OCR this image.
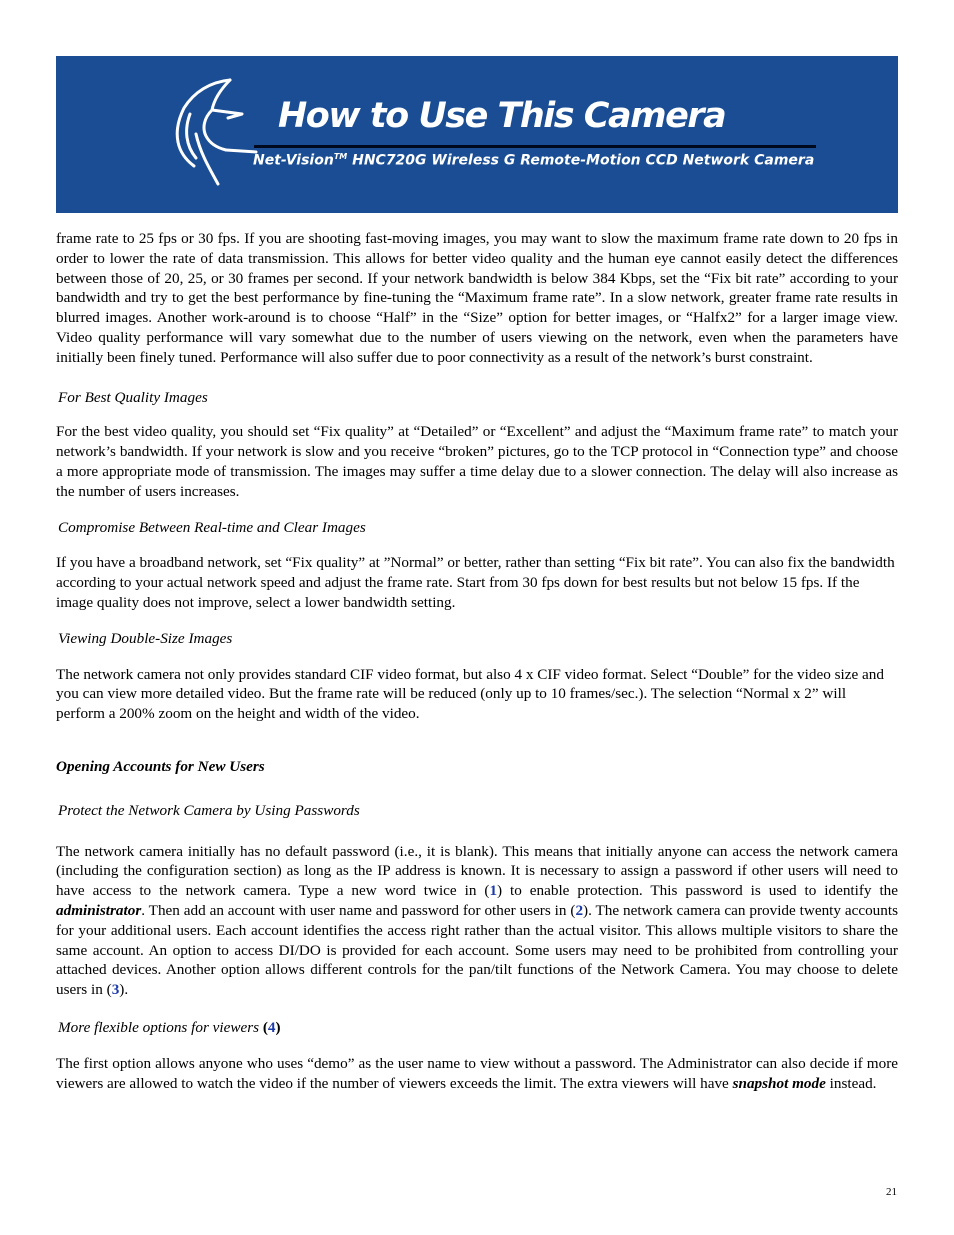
How to Use This Camera
Net-Vision™ HNC720G Wireless G Remote-Motion CCD Network Camera

frame rate to 25 fps or 30 fps. If you are shooting fast-moving images, you may want to slow the maximum frame rate down to 20 fps in order to lower the rate of data transmission. This allows for better video quality and the human eye cannot easily detect the differences between those of 20, 25, or 30 frames per second. If your network bandwidth is below 384 Kbps, set the “Fix bit rate” according to your bandwidth and try to get the best performance by fine-tuning the “Maximum frame rate”. In a slow network, greater frame rate results in blurred images. Another work-around is to choose “Half” in the “Size” option for better images, or “Halfx2” for a larger image view. Video quality performance will vary somewhat due to the number of users viewing on the network, even when the parameters have initially been finely tuned. Performance will also suffer due to poor connectivity as a result of the network’s burst constraint.

For Best Quality Images

For the best video quality, you should set “Fix quality” at “Detailed” or “Excellent” and adjust the “Maximum frame rate” to match your network’s bandwidth. If your network is slow and you receive “broken” pictures, go to the TCP protocol in “Connection type” and choose a more appropriate mode of transmission. The images may suffer a time delay due to a slower connection. The delay will also increase as the number of users increases.

Compromise Between Real-time and Clear Images

If you have a broadband network, set “Fix quality” at ”Normal” or better, rather than setting “Fix bit rate”. You can also fix the bandwidth according to your actual network speed and adjust the frame rate. Start from 30 fps down for best results but not below 15 fps. If the image quality does not improve, select a lower bandwidth setting.

Viewing Double-Size Images

The network camera not only provides standard CIF video format, but also 4 x CIF video format. Select “Double” for the video size and you can view more detailed video. But the frame rate will be reduced (only up to 10 frames/sec.). The selection “Normal x 2” will perform a 200% zoom on the height and width of the video.

Opening Accounts for New Users

Protect the Network Camera by Using Passwords

The network camera initially has no default password (i.e., it is blank). This means that initially anyone can access the network camera (including the configuration section) as long as the IP address is known. It is necessary to assign a password if other users will need to have access to the network camera. Type a new word twice in (1) to enable protection. This password is used to identify the administrator. Then add an account with user name and password for other users in (2). The network camera can provide twenty accounts for your additional users. Each account identifies the access right rather than the actual visitor. This allows multiple visitors to share the same account. An option to access DI/DO is provided for each account. Some users may need to be prohibited from controlling your attached devices. Another option allows different controls for the pan/tilt functions of the Network Camera. You may choose to delete users in (3).

More flexible options for viewers (4)

The first option allows anyone who uses “demo” as the user name to view without a password. The Administrator can also decide if more viewers are allowed to watch the video if the number of viewers exceeds the limit. The extra viewers will have snapshot mode instead.

21
